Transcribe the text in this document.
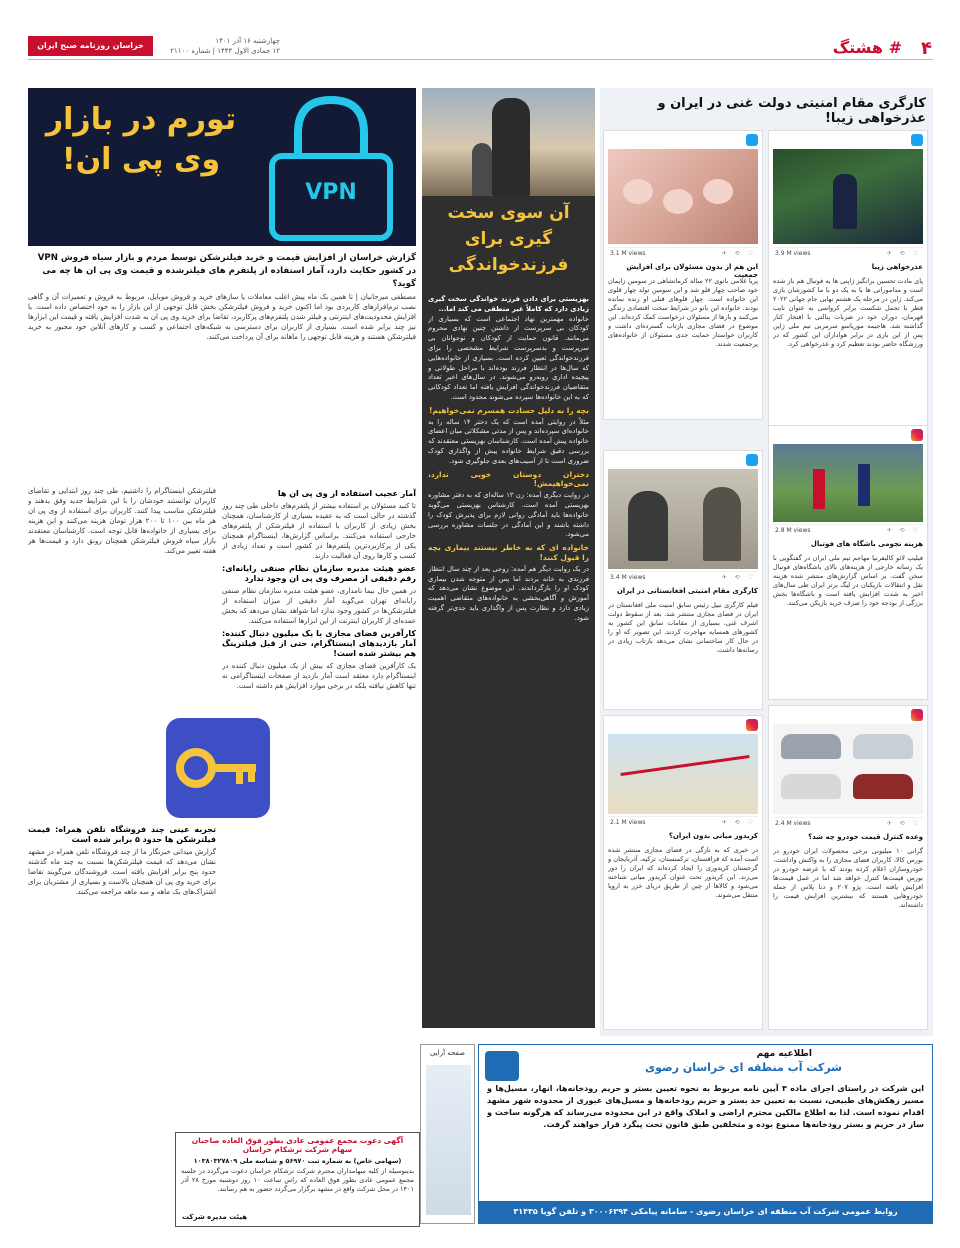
۴
# هشتگ
خراسان روزنامه صبح ایران	چهارشنبه ۱۶ آذر ۱۴۰۱
۱۲ جمادی الاول ۱۴۴۴ | شماره ۲۱۱۰۰
کارگری مقام امنیتی دولت غنی در ایران و عذرخواهی زیبا!
3.9 M views	♡ ⟲ ✈
عذرخواهی زیبا
پای مادت تحسین برانگیز ژاپنی ها به فوتبال هم باز شده است و مداموراتی ها با به یک دو با ما کشورشان بازی می‌کند. ژاپن در مرحله یک هشتم نهایی جام جهانی ۲۰۲۲ قطر با تحمل شکست برابر کرواسی به عنوان نایب قهرمان، دوران خود در ضربات پنالتی با افتخار کنار گذاشته شد. هاجیمه موریاسو سرمربی تیم ملی ژاپن پس از این بازی در برابر هواداران این کشور که در ورزشگاه حاضر بودند تعظیم کرد و عذرخواهی کرد.
3.1 M views	♡ ⟲ ✈
این هم از بدون مسئولان برای افزایش جمعیت
پریا غلامی بانوی ۲۲ ساله کرمانشاهی در سومین زایمان خود صاحب چهار قلو شد و این سومین تولد چهار قلوی این خانواده است. چهار قلوهای قبلی او زنده نمانده بودند. خانواده این بانو در شرایط سخت اقتصادی زندگی می‌کنند و بارها از مسئولان درخواست کمک کرده‌اند. این موضوع در فضای مجازی بازتاب گسترده‌ای داشت و کاربران خواستار حمایت جدی مسئولان از خانواده‌های پرجمعیت شدند.
2.8 M views	♡ ⟲ ✈
هزینه نجومی باشگاه های فوتبال
فیلیپ لائو کالیفرنیا مهاجم تیم ملی ایران در گفتگویی با یک رسانه خارجی از هزینه‌های بالای باشگاه‌های فوتبال سخن گفت. بر اساس گزارش‌های منتشر شده هزینه نقل و انتقالات بازیکنان در لیگ برتر ایران طی سال‌های اخیر به شدت افزایش یافته است و باشگاه‌ها بخش بزرگی از بودجه خود را صرف خرید بازیکن می‌کنند.
3.4 M views	♡ ⟲ ✈
کارگری مقام امنیتی افغانستانی در ایران
فیلم کارگری نبیل رئیس سابق امنیت ملی افغانستان در ایران در فضای مجازی منتشر شد. بعد از سقوط دولت اشرف غنی، بسیاری از مقامات سابق این کشور به کشورهای همسایه مهاجرت کردند. این تصویر که او را در حال کار ساختمانی نشان می‌دهد بازتاب زیادی در رسانه‌ها داشت.
2.4 M views	♡ ⟲ ✈
وعده کنترل قیمت خودرو چه شد؟
گرانی ۱۰ میلیونی برخی محصولات ایران خودرو در بورس کالا، کاربران فضای مجازی را به واکنش واداشت. خودروسازان اعلام کرده بودند که با عرضه خودرو در بورس قیمت‌ها کنترل خواهد شد اما در عمل قیمت‌ها افزایش یافته است. پژو ۲۰۷ و دنا پلاس از جمله خودروهایی هستند که بیشترین افزایش قیمت را داشته‌اند.
2.1 M views	♡ ⟲ ✈
کریدور میانی بدون ایران؟
در خبری که به تازگی در فضای مجازی منتشر شده است آمده که قزاقستان، ترکمنستان، ترکیه، آذربایجان و گرجستان کریدوری را ایجاد کرده‌اند که ایران را دور می‌زند. این کریدور تحت عنوان کریدور میانی شناخته می‌شود و کالاها از چین از طریق دریای خزر به اروپا منتقل می‌شوند.
آن سوی سخت گیری برای فرزندخواندگی

بهزیستی برای دادن فرزند خواندگی سخت گیری زیادی دارد که کاملاً غیر منطقی می کند اما...

خانواده مهمترین نهاد اجتماعی است که بسیاری از کودکان بی سرپرست از داشتن چنین نهادی محروم می‌مانند. قانون حمایت از کودکان و نوجوانان بی سرپرست و بدسرپرست شرایط مشخصی را برای فرزندخواندگی تعیین کرده است. بسیاری از خانواده‌هایی که سال‌ها در انتظار فرزند بوده‌اند با مراحل طولانی و پیچیده اداری روبه‌رو می‌شوند. در سال‌های اخیر تعداد متقاضیان فرزندخواندگی افزایش یافته اما تعداد کودکانی که به این خانواده‌ها سپرده می‌شوند محدود است.

بچه را به دلیل حسادت همسرم نمی‌خواهیم!

مثلاً در روایتی آمده است که یک دختر ۱۴ ساله را به خانواده‌ای سپرده‌اند و پس از مدتی مشکلاتی میان اعضای خانواده پیش آمده است. کارشناسان بهزیستی معتقدند که بررسی دقیق شرایط خانواده پیش از واگذاری کودک ضروری است تا از آسیب‌های بعدی جلوگیری شود.

دختران دوستان خوبی ندارد، نمی‌خواهیمش!

در روایت دیگری آمده: زن ۱۳ ساله‌ای که به دفتر مشاوره بهزیستی آمده است. کارشناس بهزیستی می‌گوید خانواده‌ها باید آمادگی روانی لازم برای پذیرش کودک را داشته باشند و این آمادگی در جلسات مشاوره بررسی می‌شود.

خانواده ای که به خاطر نیستند بیماری بچه را قبول کنند!

در یک روایت دیگر هم آمده: زوجی بعد از چند سال انتظار فرزندی به خانه بردند اما پس از متوجه شدن بیماری کودک او را بازگرداندند. این موضوع نشان می‌دهد که آموزش و آگاهی‌بخشی به خانواده‌های متقاضی اهمیت زیادی دارد و نظارت پس از واگذاری باید جدی‌تر گرفته شود.

VPN
تورم در بازار وی پی ان!
گزارش خراسان از افزایش قیمت و خرید فیلترشکن توسط مردم و بازار سیاه فروش VPN در کشور حکایت دارد، آمار استفاده از پلتفرم های فیلترشده و قیمت وی پی ان ها چه می گوید؟
مصطفی میرجانیان | تا همین یک ماه پیش اغلب معاملات یا سازهای خرید و فروش موبایل، مربوط به فروش و تعمیرات آن و گاهی نصب نرم‌افزارهای کاربردی بود اما اکنون خرید و فروش فیلترشکن بخش قابل توجهی از این بازار را به خود اختصاص داده است. با افزایش محدودیت‌های اینترنتی و فیلتر شدن پلتفرم‌های پرکاربرد، تقاضا برای خرید وی پی ان به شدت افزایش یافته و قیمت این ابزارها نیز چند برابر شده است. بسیاری از کاربران برای دسترسی به شبکه‌های اجتماعی و کسب و کارهای آنلاین خود مجبور به خرید فیلترشکن هستند و هزینه قابل توجهی را ماهانه برای آن پرداخت می‌کنند.
آمار عجیب استفاده از وی پی ان ها

تا کنید مسئولان بر استفاده بیشتر از پلتفرم‌های داخلی طی چند روز گذشته در حالی است که به عقیده بسیاری از کارشناسان، همچنان بخش زیادی از کاربران با استفاده از فیلترشکن از پلتفرم‌های خارجی استفاده می‌کنند. براساس گزارش‌ها، اینستاگرام همچنان یکی از پرکاربردترین پلتفرم‌ها در کشور است و تعداد زیادی از کسب و کارها روی آن فعالیت دارند.

عضو هیئت مدیره سازمان نظام صنفی رایانه‌ای: رقم دقیقی از مصرف وی پی ان وجود ندارد

در همین حال نیما نامداری، عضو هیئت مدیره سازمان نظام صنفی رایانه‌ای تهران می‌گوید آمار دقیقی از میزان استفاده از فیلترشکن‌ها در کشور وجود ندارد اما شواهد نشان می‌دهد که بخش عمده‌ای از کاربران اینترنت از این ابزارها استفاده می‌کنند.

کارآفرین فضای مجازی با یک میلیون دنبال کننده: آمار بازدیدهای اینستاگرام، حتی از قبل فیلترینگ هم بیشتر شده است!

یک کارآفرین فضای مجازی که بیش از یک میلیون دنبال کننده در اینستاگرام دارد معتقد است آمار بازدید از صفحات اینستاگرامی نه تنها کاهش نیافته بلکه در برخی موارد افزایش هم داشته است.

فیلترشکن اینستاگرام را داشتیم، طی چند روز ابتدایی و تقاضای کاربران توانستند خودشان را با این شرایط جدید وفق بدهند و فیلترشکن مناسب پیدا کنند. کاربران برای استفاده از وی پی ان هر ماه بین ۱۰۰ تا ۲۰۰ هزار تومان هزینه می‌کنند و این هزینه برای بسیاری از خانواده‌ها قابل توجه است. کارشناسان معتقدند بازار سیاه فروش فیلترشکن همچنان رونق دارد و قیمت‌ها هر هفته تغییر می‌کند.
تجربه عینی چند فروشگاه تلفن همراه: قیمت فیلترشکن ها حدود ۵ برابر شده است

گزارش میدانی خبرنگار ما از چند فروشگاه تلفن همراه در مشهد نشان می‌دهد که قیمت فیلترشکن‌ها نسبت به چند ماه گذشته حدود پنج برابر افزایش یافته است. فروشندگان می‌گویند تقاضا برای خرید وی پی ان همچنان بالاست و بسیاری از مشتریان برای اشتراک‌های یک ماهه و سه ماهه مراجعه می‌کنند.

اطلاعیه مهم
شرکت آب منطقه ای خراسان رضوی
این شرکت در راستای اجرای ماده ۳ آیین نامه مربوط به نحوه تعیین بستر و حریم رودخانه‌ها، انهار، مسیل‌ها و مسیر زهکش‌های طبیعی، نسبت به تعیین حد بستر و حریم رودخانه‌ها و مسیل‌های عبوری از محدوده شهر مشهد اقدام نموده است. لذا به اطلاع مالکین محترم اراضی و املاک واقع در این محدوده می‌رساند که هرگونه ساخت و ساز در حریم و بستر رودخانه‌ها ممنوع بوده و متخلفین طبق قانون تحت پیگرد قرار خواهند گرفت.
روابط عمومی شرکت آب منطقه ای خراسان رضوی - سامانه پیامکی ۳۰۰۰۶۳۹۴ و تلفن گویا ۳۱۴۳۵
صفحه آرایی
آگهی دعوت مجمع عمومی عادی بطور فوق العاده صاحبان سهام شرکت ترشکام خراسان
(سهامی خاص) به شماره ثبت ۵۶۹۷۰ و شناسه ملی ۱۰۳۸۰۳۲۷۸۰۹
بدینوسیله از کلیه سهامداران محترم شرکت ترشکام خراسان دعوت می‌گردد در جلسه مجمع عمومی عادی بطور فوق العاده که راس ساعت ۱۰ روز دوشنبه مورخ ۲۸ آذر ۱۴۰۱ در محل شرکت واقع در مشهد برگزار می‌گردد حضور به هم رسانند.
هیئت مدیره شرکت
